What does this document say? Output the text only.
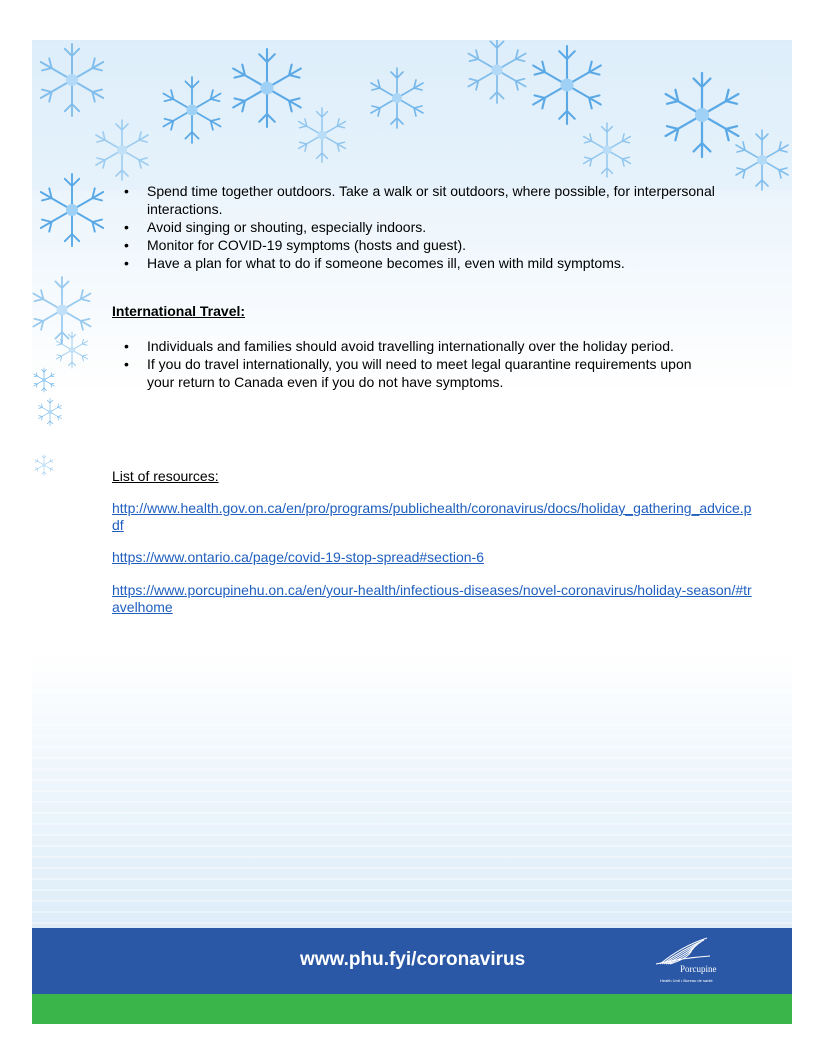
• Spend time together outdoors. Take a walk or sit outdoors, where possible, for interpersonal interactions.
• Avoid singing or shouting, especially indoors.
• Monitor for COVID-19 symptoms (hosts and guest).
• Have a plan for what to do if someone becomes ill, even with mild symptoms.

International Travel:

• Individuals and families should avoid travelling internationally over the holiday period.
• If you do travel internationally, you will need to meet legal quarantine requirements upon your return to Canada even if you do not have symptoms.

List of resources:

http://www.health.gov.on.ca/en/pro/programs/publichealth/coronavirus/docs/holiday_gathering_advice.pdf
https://www.ontario.ca/page/covid-19-stop-spread#section-6
https://www.porcupinehu.on.ca/en/your-health/infectious-diseases/novel-coronavirus/holiday-season/#travelhome

www.phu.fyi/coronavirus	Porcupine

Health Unit • Bureau de santé
